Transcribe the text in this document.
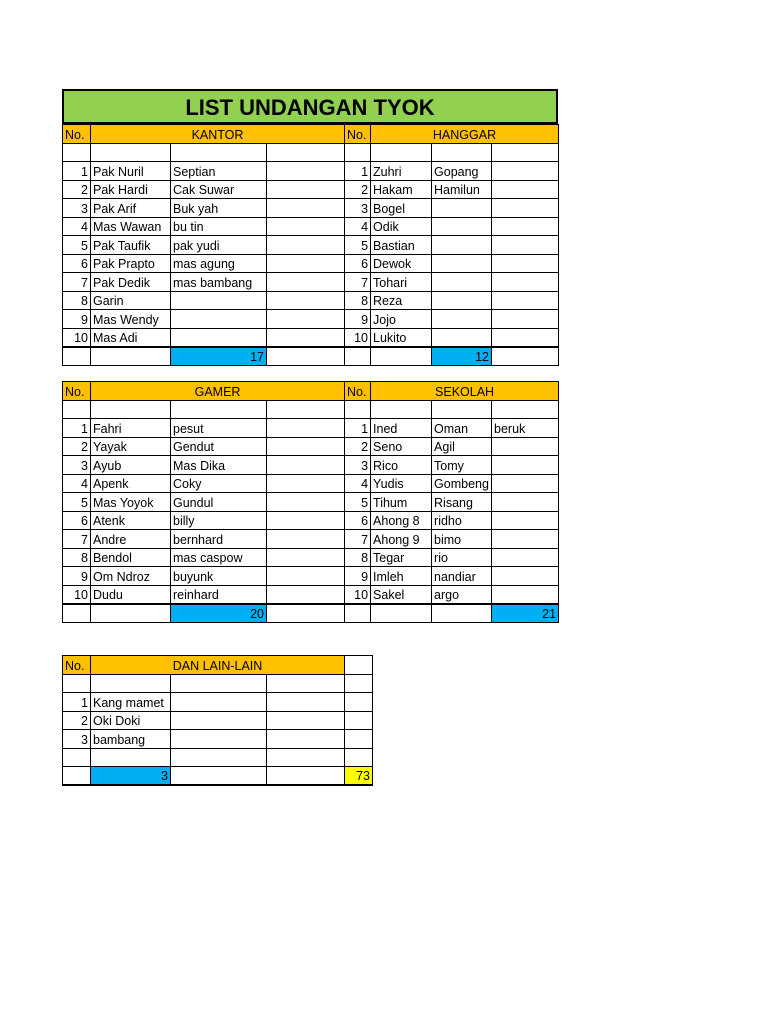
LIST UNDANGAN TYOK
No.	KANTOR			No.	HANGGAR		

1	Pak Nuril	Septian		1	Zuhri	Gopang	
2	Pak Hardi	Cak Suwar		2	Hakam	Hamilun	
3	Pak Arif	Buk yah		3	Bogel		
4	Mas Wawan	bu tin		4	Odik		
5	Pak Taufik	pak yudi		5	Bastian		
6	Pak Prapto	mas agung		6	Dewok		
7	Pak Dedik	mas bambang		7	Tohari		
8	Garin			8	Reza		
9	Mas Wendy			9	Jojo		
10	Mas Adi			10	Lukito		
		17				12	
No.	GAMER			No.	SEKOLAH		

1	Fahri	pesut		1	Ined	Oman	beruk
2	Yayak	Gendut		2	Seno	Agil	
3	Ayub	Mas Dika		3	Rico	Tomy	
4	Apenk	Coky		4	Yudis	Gombeng	
5	Mas Yoyok	Gundul		5	Tihum	Risang	
6	Atenk	billy		6	Ahong 8	ridho	
7	Andre	bernhard		7	Ahong 9	bimo	
8	Bendol	mas caspow		8	Tegar	rio	
9	Om Ndroz	buyunk		9	Imleh	nandiar	
10	Dudu	reinhard		10	Sakel	argo	
		20					21
No.	DAN LAIN-LAIN			

1	Kang mamet			
2	Oki Doki			
3	bambang			

	3			73
